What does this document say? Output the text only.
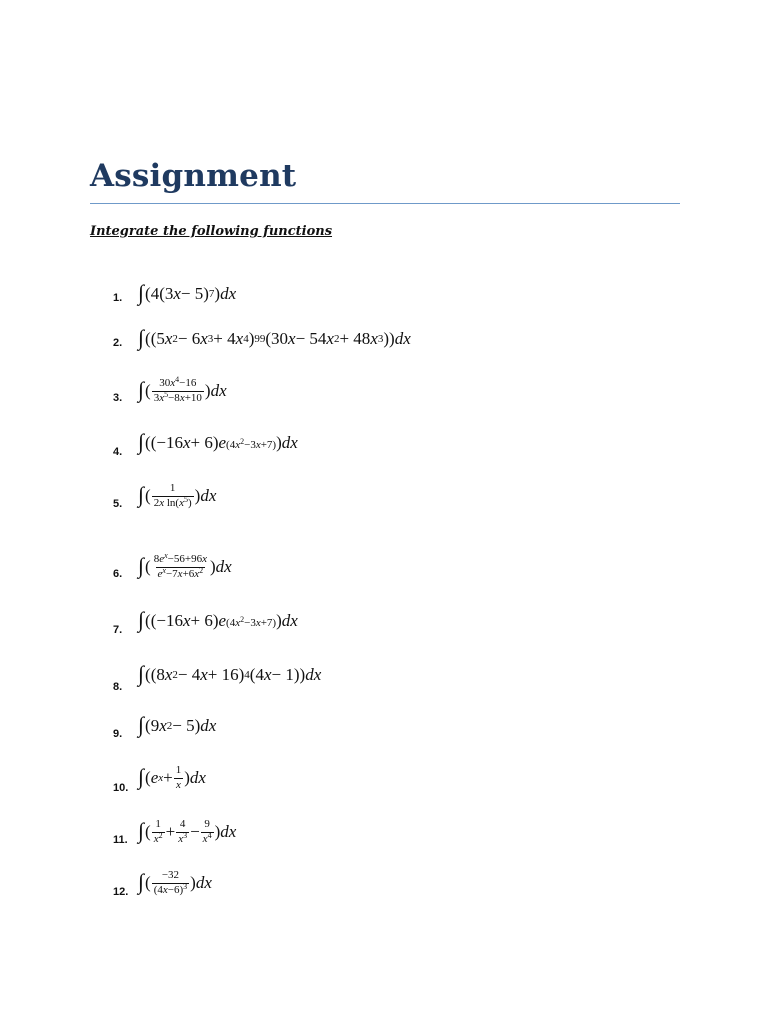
Assignment
Integrate the following functions
1. ∫ (4(3 x − 5) 7 ) dx
2. ∫ ((5 x 2 − 6 x 3 + 4 x 4 ) 99 (30 x − 54 x 2 + 48 x 3 )) dx
3. ∫ ( $\frac{30x^4-16}{3x^5-8x+10}$ ) dx
4. ∫ ((−16 x + 6) e $(4x^2-3x+7)$ ) dx
5. ∫ ( $\frac{1}{2x \ln(x^5)}$ ) dx
6. ∫ ( $\frac{8e^x-56+96x}{e^x-7x+6x^2}$ ) dx
7. ∫ ((−16 x + 6) e $(4x^2-3x+7)$ ) dx
8.
∫ ((8 x 2 − 4 x + 16) 4 (4 x − 1)) dx
9. ∫ (9 x 2 − 5) dx
10. ∫ ( e $x + \frac{1}{x}$ ) dx
11. ∫ ( $\frac{1}{x^2} + \frac{4}{x^3} - \frac{9}{x^4}$ ) dx
12. ∫ ( $\frac{-32}{(4x-6)^3}$ ) dx
